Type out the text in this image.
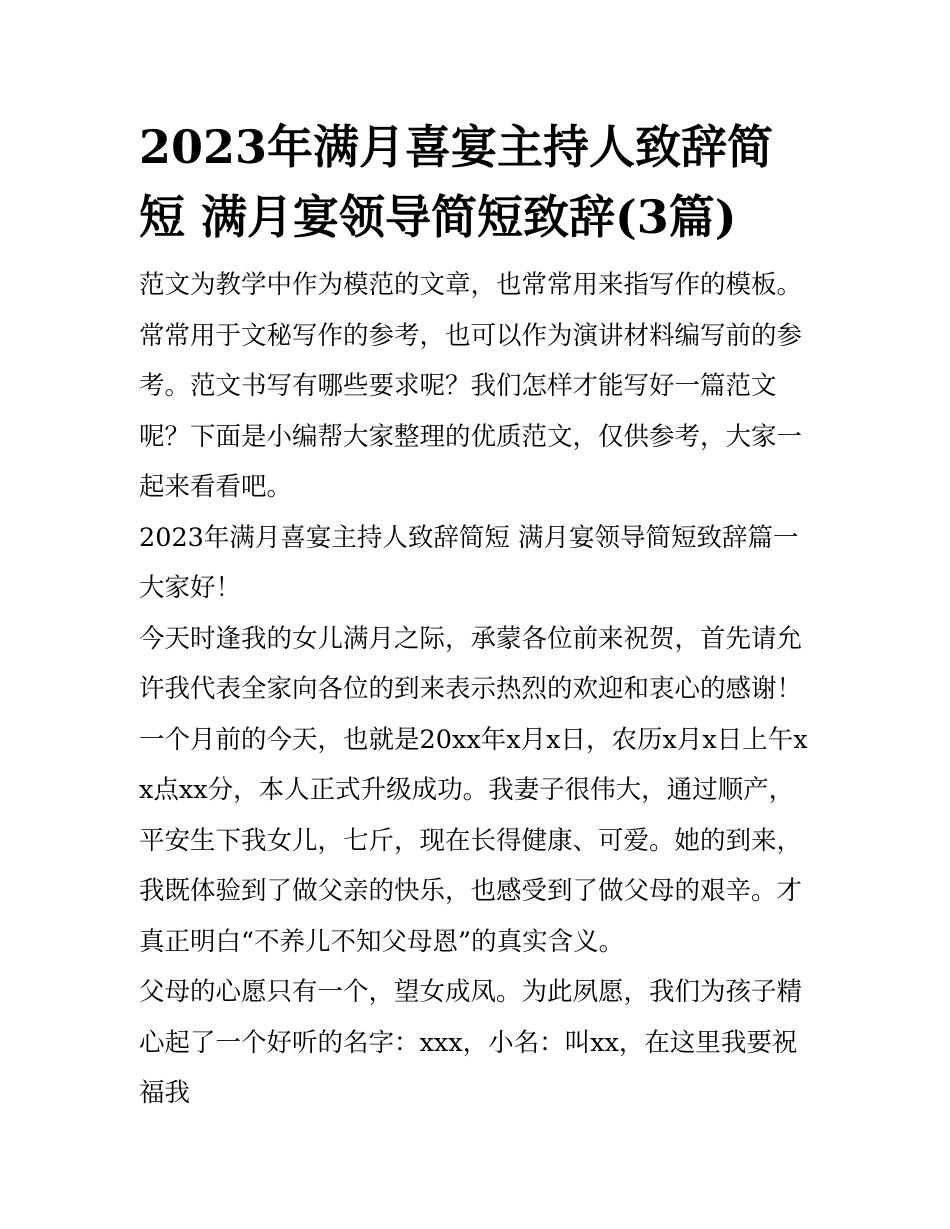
2023年满月喜宴主持人致辞简短 满月宴领导简短致辞(3篇)

范文为教学中作为模范的文章，也常常用来指写作的模板。常常用于文秘写作的参考，也可以作为演讲材料编写前的参考。范文书写有哪些要求呢？我们怎样才能写好一篇范文呢？下面是小编帮大家整理的优质范文，仅供参考，大家一起来看看吧。

2023年满月喜宴主持人致辞简短 满月宴领导简短致辞篇一 大家好！

今天时逢我的女儿满月之际，承蒙各位前来祝贺，首先请允许我代表全家向各位的到来表示热烈的欢迎和衷心的感谢！

一个月前的今天，也就是20xx年x月x日，农历x月x日上午xx点xx分，本人正式升级成功。我妻子很伟大，通过顺产，平安生下我女儿，七斤，现在长得健康、可爱。她的到来，我既体验到了做父亲的快乐，也感受到了做父母的艰辛。才真正明白“不养儿不知父母恩”的真实含义。

父母的心愿只有一个，望女成凤。为此夙愿，我们为孩子精心起了一个好听的名字：xxx，小名：叫xx，在这里我要祝福我
